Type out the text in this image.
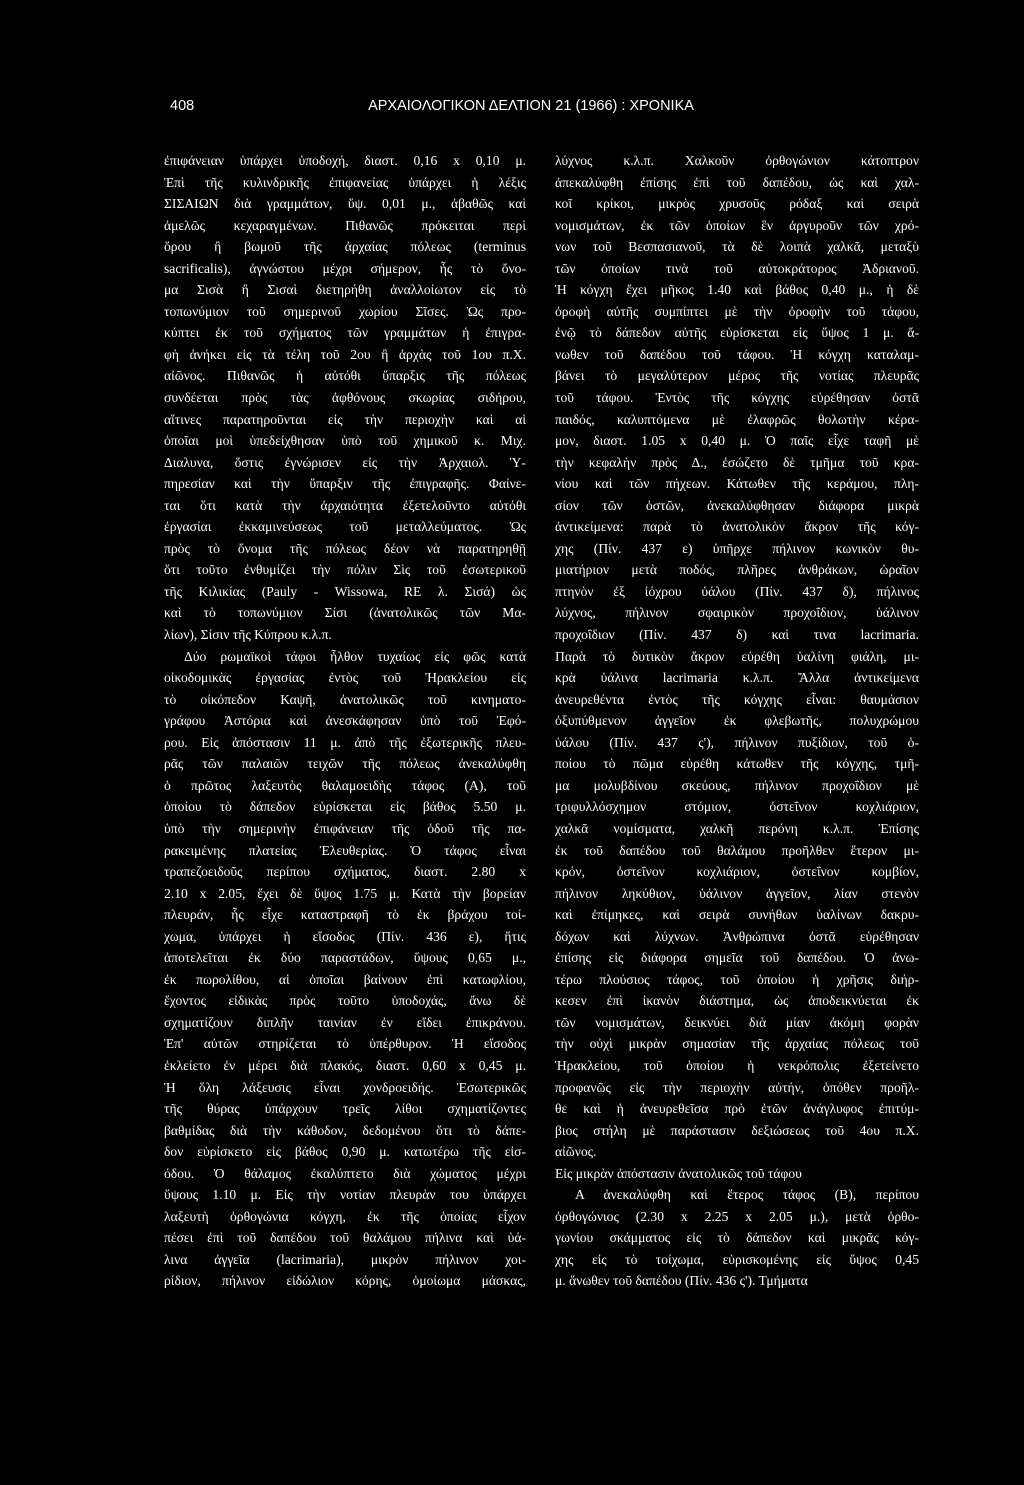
408	ΑΡΧΑΙΟΛΟΓΙΚΟΝ ΔΕΛΤΙΟΝ 21 (1966) : ΧΡΟΝΙΚΑ
ἐπιφάνειαν ὑπάρχει ὑποδοχή, διαστ. 0,16 x 0,10 μ.
Ἐπὶ τῆς κυλινδρικῆς ἐπιφανείας ὑπάρχει ἡ λέξις
ΣΙΣΑΙΩΝ διὰ γραμμάτων, ὕψ. 0,01 μ., ἀβαθῶς καὶ
ἀμελῶς κεχαραγμένων. Πιθανῶς πρόκειται περὶ
ὅρου ἢ βωμοῦ τῆς ἀρχαίας πόλεως (terminus
sacrificalis), ἀγνώστου μέχρι σήμερον, ἧς τὸ ὄνο-
μα Σισὰ ἢ Σισαὶ διετηρήθη ἀναλλοίωτον εἰς τὸ
τοπωνύμιον τοῦ σημερινοῦ χωρίου Σῖσες. Ὡς προ-
κύπτει ἐκ τοῦ σχήματος τῶν γραμμάτων ἡ ἐπιγρα-
φὴ ἀνήκει εἰς τὰ τέλη τοῦ 2ου ἢ ἀρχὰς τοῦ 1ου π.Χ.
αἰῶνος. Πιθανῶς ἡ αὐτόθι ὕπαρξις τῆς πόλεως
συνδέεται πρὸς τὰς ἀφθόνους σκωρίας σιδήρου,
αἵτινες παρατηροῦνται εἰς τὴν περιοχὴν καὶ αἱ
ὁποῖαι μοὶ ὑπεδείχθησαν ὑπὸ τοῦ χημικοῦ κ. Μιχ.
Διαλυνα, ὅστις ἐγνώρισεν εἰς τὴν Ἀρχαιολ. Ὑ-
πηρεσίαν καὶ τὴν ὕπαρξιν τῆς ἐπιγραφῆς. Φαίνε-
ται ὅτι κατὰ τὴν ἀρχαιότητα ἐξετελοῦντο αὐτόθι
ἐργασίαι ἐκκαμινεύσεως τοῦ μεταλλεύματος. Ὡς
πρὸς τὸ ὄνομα τῆς πόλεως δέον νὰ παρατηρηθῇ
ὅτι τοῦτο ἐνθυμίζει τὴν πόλιν Σὶς τοῦ ἐσωτερικοῦ
τῆς Κιλικίας (Pauly - Wissowa, RE λ. Σισά) ὡς
καὶ τὸ τοπωνύμιον Σίσι (ἀνατολικῶς τῶν Μα-
λίων), Σίσιν τῆς Κύπρου κ.λ.π.
Δύο ρωμαϊκοὶ τάφοι ἦλθον τυχαίως εἰς φῶς κατὰ
οἰκοδομικὰς ἐργασίας ἐντὸς τοῦ Ἡρακλείου εἰς
τὸ οἰκόπεδον Καψῆ, ἀνατολικῶς τοῦ κινηματο-
γράφου Ἀστόρια καὶ ἀνεσκάφησαν ὑπὸ τοῦ Ἐφό-
ρου. Εἰς ἀπόστασιν 11 μ. ἀπὸ τῆς ἐξωτερικῆς πλευ-
ρᾶς τῶν παλαιῶν τειχῶν τῆς πόλεως ἀνεκαλύφθη
ὁ πρῶτος λαξευτὸς θαλαμοειδὴς τάφος (Α), τοῦ
ὁποίου τὸ δάπεδον εὑρίσκεται εἰς βάθος 5.50 μ.
ὑπὸ τὴν σημερινὴν ἐπιφάνειαν τῆς ὁδοῦ τῆς πα-
ρακειμένης πλατείας Ἐλευθερίας. Ὁ τάφος εἶναι
τραπεζοειδοῦς περίπου σχήματος, διαστ. 2.80 x
2.10 x 2.05, ἔχει δὲ ὕψος 1.75 μ. Κατὰ τὴν βορείαν
πλευράν, ἧς εἶχε καταστραφῆ τὸ ἐκ βράχου τοί-
χωμα, ὑπάρχει ἡ εἴσοδος (Πίν. 436 ε), ἥτις
ἀποτελεῖται ἐκ δύο παραστάδων, ὕψους 0,65 μ.,
ἐκ πωρολίθου, αἱ ὁποῖαι βαίνουν ἐπὶ κατωφλίου,
ἔχοντος εἰδικὰς πρὸς τοῦτο ὑποδοχάς, ἄνω δὲ
σχηματίζουν διπλῆν ταινίαν ἐν εἴδει ἐπικράνου.
Ἐπ' αὐτῶν στηρίζεται τὸ ὑπέρθυρον. Ἡ εἴσοδος
ἐκλείετο ἐν μέρει διὰ πλακός, διαστ. 0,60 x 0,45 μ.
Ἡ ὅλη λάξευσις εἶναι χονδροειδής. Ἐσωτερικῶς
τῆς θύρας ὑπάρχουν τρεῖς λίθοι σχηματίζοντες
βαθμίδας διὰ τὴν κάθοδον, δεδομένου ὅτι τὸ δάπε-
δον εὑρίσκετο εἰς βάθος 0,90 μ. κατωτέρω τῆς εἰσ-
όδου. Ὁ θάλαμος ἐκαλύπτετο διὰ χώματος μέχρι
ὕψους 1.10 μ. Εἰς τὴν νοτίαν πλευρὰν του ὑπάρχει
λαξευτὴ ὀρθογώνια κόγχη, ἐκ τῆς ὁποίας εἶχον
πέσει ἐπὶ τοῦ δαπέδου τοῦ θαλάμου πήλινα καὶ ὑά-
λινα ἀγγεῖα (lacrimaria), μικρὸν πήλινον χοι-
ρίδιον, πήλινον εἰδώλιον κόρης, ὁμοίωμα μάσκας,
λύχνος κ.λ.π. Χαλκοῦν ὀρθογώνιον κάτοπτρον
ἀπεκαλύφθη ἐπίσης ἐπὶ τοῦ δαπέδου, ὡς καὶ χαλ-
κοῖ κρίκοι, μικρὸς χρυσοῦς ρόδαξ καὶ σειρὰ
νομισμάτων, ἐκ τῶν ὁποίων ἓν ἀργυροῦν τῶν χρό-
νων τοῦ Βεσπασιανοῦ, τὰ δὲ λοιπὰ χαλκᾶ, μεταξὺ
τῶν ὁποίων τινὰ τοῦ αὐτοκράτορος Ἀδριανοῦ.
Ἡ κόγχη ἔχει μῆκος 1.40 καὶ βάθος 0,40 μ., ἡ δὲ
ὀροφὴ αὐτῆς συμπίπτει μὲ τὴν ὀροφὴν τοῦ τάφου,
ἐνῷ τὸ δάπεδον αὐτῆς εὑρίσκεται εἰς ὕψος 1 μ. ἄ-
νωθεν τοῦ δαπέδου τοῦ τάφου. Ἡ κόγχη καταλαμ-
βάνει τὸ μεγαλύτερον μέρος τῆς νοτίας πλευρᾶς
τοῦ τάφου. Ἐντὸς τῆς κόγχης εὑρέθησαν ὀστᾶ
παιδός, καλυπτόμενα μὲ ἐλαφρῶς θολωτὴν κέρα-
μον, διαστ. 1.05 x 0,40 μ. Ὁ παῖς εἶχε ταφῆ μὲ
τὴν κεφαλὴν πρὸς Δ., ἐσώζετο δὲ τμῆμα τοῦ κρα-
νίου καὶ τῶν πήχεων. Κάτωθεν τῆς κεράμου, πλη-
σίον τῶν ὀστῶν, ἀνεκαλύφθησαν διάφορα μικρὰ
ἀντικείμενα: παρὰ τὸ ἀνατολικὸν ἄκρον τῆς κόγ-
χης (Πίν. 437 ε) ὑπῆρχε πήλινον κωνικὸν θυ-
μιατήριον μετὰ ποδός, πλῆρες ἀνθράκων, ὡραῖον
πτηνὸν ἐξ ἰόχρου ὑάλου (Πίν. 437 δ), πήλινος
λύχνος, πήλινον σφαιρικὸν προχοΐδιον, ὑάλινον
προχοΐδιον (Πίν. 437 δ) καὶ τινα lacrimaria.
Παρὰ τὸ δυτικὸν ἄκρον εὑρέθη ὑαλίνη φιάλη, μι-
κρὰ ὑάλινα lacrimaria κ.λ.π. Ἄλλα ἀντικείμενα
ἀνευρεθέντα ἐντὸς τῆς κόγχης εἶναι: θαυμάσιον
ὀξυπύθμενον ἀγγεῖον ἐκ φλεβωτῆς, πολυχρώμου
ὑάλου (Πίν. 437 ς'), πήλινον πυξίδιον, τοῦ ὁ-
ποίου τὸ πῶμα εὑρέθη κάτωθεν τῆς κόγχης, τμῆ-
μα μολυβδίνου σκεύους, πήλινον προχοΐδιον μὲ
τριφυλλόσχημον στόμιον, ὀστεΐνον κοχλιάριον,
χαλκᾶ νομίσματα, χαλκῆ περόνη κ.λ.π. Ἐπίσης
ἐκ τοῦ δαπέδου τοῦ θαλάμου προῆλθεν ἕτερον μι-
κρόν, ὀστεΐνον κοχλιάριον, ὀστεΐνον κομβίον,
πήλινον ληκύθιον, ὑάλινον ἀγγεῖον, λίαν στενὸν
καὶ ἐπίμηκες, καὶ σειρὰ συνήθων ὑαλίνων δακρυ-
δόχων καὶ λύχνων. Ἀνθρώπινα ὀστᾶ εὑρέθησαν
ἐπίσης εἰς διάφορα σημεῖα τοῦ δαπέδου. Ὁ ἀνω-
τέρω πλούσιος τάφος, τοῦ ὁποίου ἡ χρῆσις διήρ-
κεσεν ἐπὶ ἱκανὸν διάστημα, ὡς ἀποδεικνύεται ἐκ
τῶν νομισμάτων, δεικνύει διὰ μίαν ἀκόμη φορὰν
τὴν οὐχὶ μικρὰν σημασίαν τῆς ἀρχαίας πόλεως τοῦ
Ἡρακλείου, τοῦ ὁποίου ἡ νεκρόπολις ἐξετείνετο
προφανῶς εἰς τὴν περιοχὴν αὐτήν, ὁπόθεν προῆλ-
θε καὶ ἡ ἀνευρεθεῖσα πρὸ ἐτῶν ἀνάγλυφος ἐπιτύμ-
βιος στήλη μὲ παράστασιν δεξιώσεως τοῦ 4ου π.Χ.
αἰῶνος.
Εἰς μικρὰν ἀπόστασιν ἀνατολικῶς τοῦ τάφου
Α ἀνεκαλύφθη καὶ ἕτερος τάφος (Β), περίπου
ὀρθογώνιος (2.30 x 2.25 x 2.05 μ.), μετὰ ὀρθο-
γωνίου σκάμματος εἰς τὸ δάπεδον καὶ μικρᾶς κόγ-
χης εἰς τὸ τοίχωμα, εὑρισκομένης εἰς ὕψος 0,45
μ. ἄνωθεν τοῦ δαπέδου (Πίν. 436 ς'). Τμήματα
